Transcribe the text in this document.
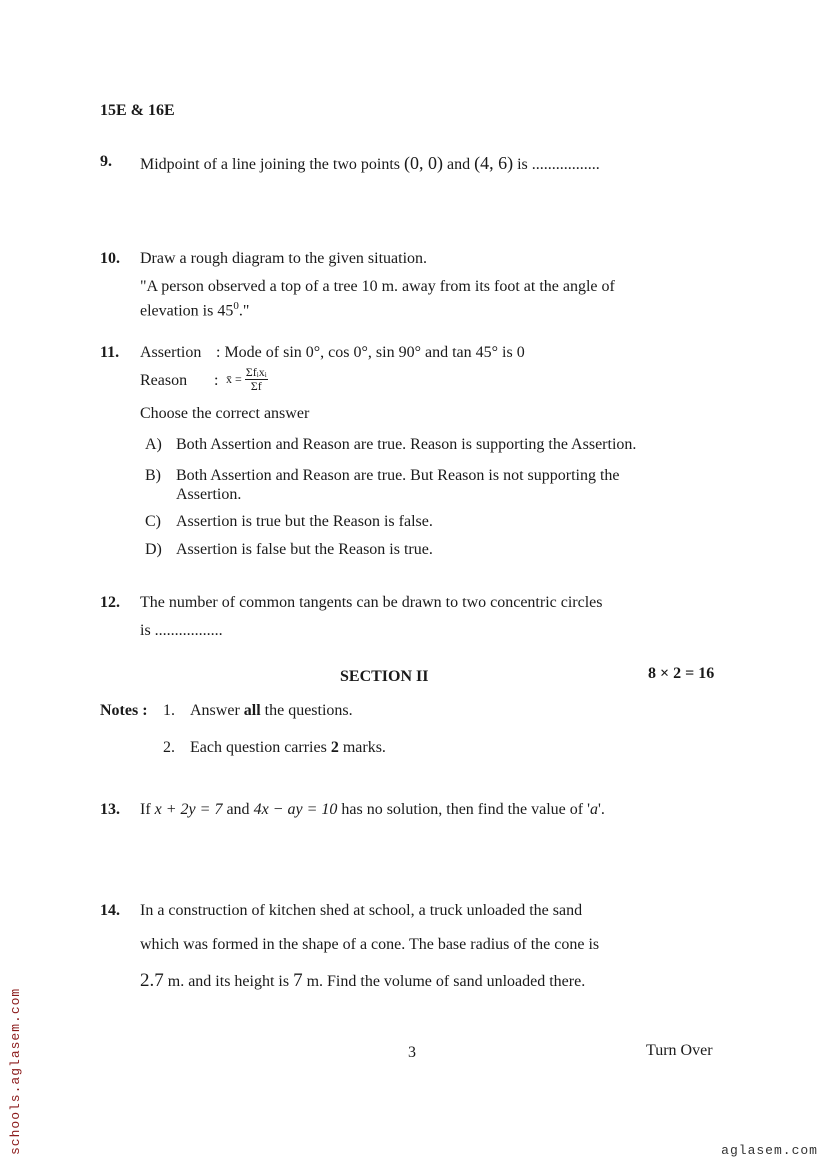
15E & 16E
9. Midpoint of a line joining the two points (0, 0) and (4, 6) is .................
10. Draw a rough diagram to the given situation.
"A person observed a top of a tree 10 m. away from its foot at the angle of
elevation is $45^0$."
11. Assertion : Mode of sin 0°, cos 0°, sin 90° and tan 45° is 0
Reason : x̄ = $\frac{\text{Σfᵢxᵢ}}{\Sigma f}$
Choose the correct answer
A) Both Assertion and Reason are true. Reason is supporting the Assertion.
B) Both Assertion and Reason are true. But Reason is not supporting the
Assertion.
C) Assertion is true but the Reason is false.
D) Assertion is false but the Reason is true.
12. The number of common tangents can be drawn to two concentric circles
is .................
SECTION II	8 × 2 = 16
Notes : 1. Answer all the questions.
2. Each question carries 2 marks.
13. If x + 2y = 7 and 4x − ay = 10 has no solution, then find the value of 'a'.
14. In a construction of kitchen shed at school, a truck unloaded the sand
which was formed in the shape of a cone. The base radius of the cone is
2.7 m. and its height is 7 m. Find the volume of sand unloaded there.
3	Turn Over
schools.aglasem.com	aglasem.com
